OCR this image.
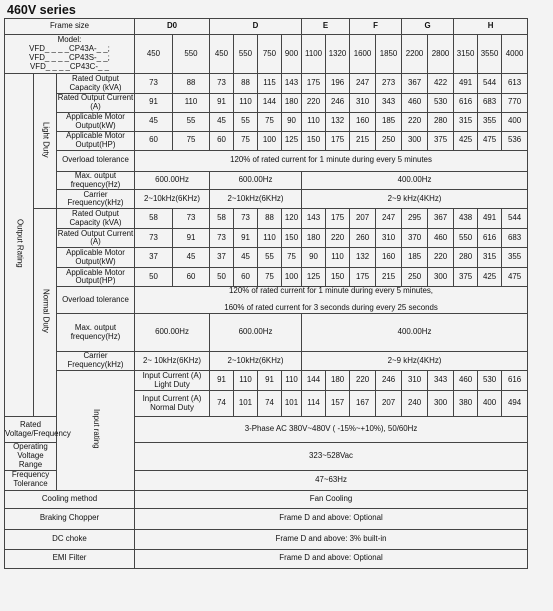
460V series
Frame size			D0		D				E		F		G		H			

Model:
VFD_ _ _ _CP43A-_ _;
VFD_ _ _ _CP43S-_ _;
VFD_ _ _ _CP43C-_ _			450	550	450	550	750	900	1100	1320	1600	1850	2200	2800	3150	3550	4000	
Output Rating	Light Duty	Rated Output Capacity (kVA)	73	88	73	88	115	143	175	196	247	273	367	422	491	544	613	
		Rated Output Current (A)	91	110	91	110	144	180	220	246	310	343	460	530	616	683	770	
		Applicable Motor Output(kW)	45	55	45	55	75	90	110	132	160	185	220	280	315	355	400	
		Applicable Motor Output(HP)	60	75	60	75	100	125	150	175	215	250	300	375	425	475	536	
		Overload tolerance	120% of rated current for 1 minute during every 5 minutes															
		Max. output frequency(Hz)	600.00Hz		600.00Hz				400.00Hz									
		Carrier Frequency(kHz)	2~10kHz(6KHz)		2~10kHz(6KHz)				2~9 kHz(4KHz)									
	Normal Duty	Rated Output Capacity (kVA)	58	73	58	73	88	120	143	175	207	247	295	367	438	491	544	
		Rated Output Current (A)	73	91	73	91	110	150	180	220	260	310	370	460	550	616	683	
		Applicable Motor Output(kW)	37	45	37	45	55	75	90	110	132	160	185	220	280	315	355	
		Applicable Motor Output(HP)	50	60	50	60	75	100	125	150	175	215	250	300	375	425	475	
		Overload tolerance	120% of rated current for 1 minute during every 5 minutes,
160% of rated current for 3 seconds during every 25 seconds															

		Max. output frequency(Hz)	600.00Hz		600.00Hz				400.00Hz									
		Carrier Frequency(kHz)	2~ 10kHz(6KHz)		2~10kHz(6KHz)				2~9 kHz(4KHz)									
		Input rating	Input Current (A) Light Duty		91	110	91	110	144	180	220	246	310	343	460	530	616		
			Input Current (A) Normal Duty		74	101	74	101	114	157	167	207	240	300	380	400	494		
Rated Voltage/Frequency			3-Phase AC 380V~480V ( -15%~+10%), 50/60Hz															
Operating Voltage Range			323~528Vac															
Frequency Tolerance			47~63Hz															
Cooling method			Fan Cooling															
Braking Chopper			Frame D and above: Optional															
DC choke			Frame D and above: 3% built-in															
EMI Filter			Frame D and above: Optional															
